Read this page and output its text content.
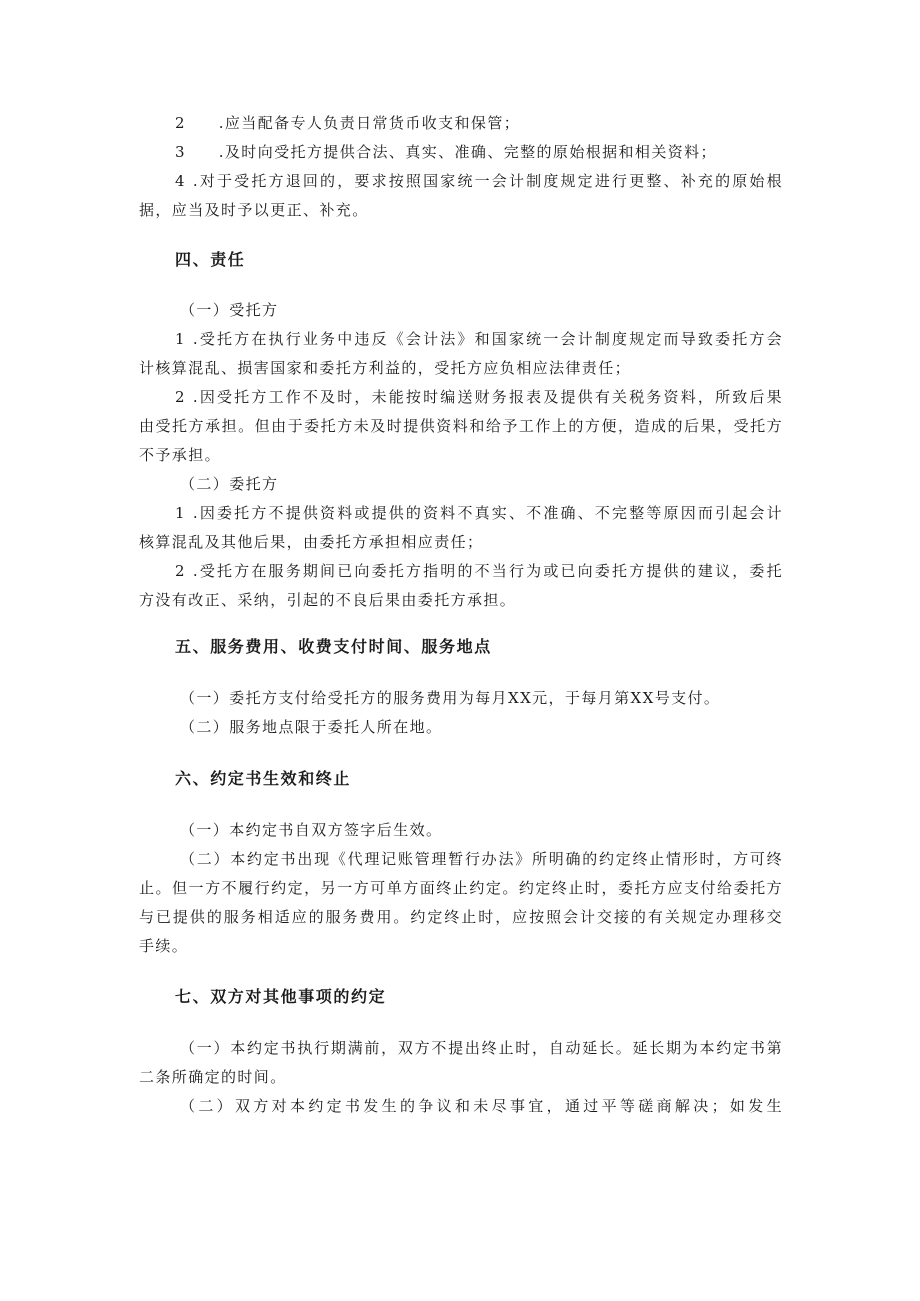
2　　.应当配备专人负责日常货币收支和保管；
3　　.及时向受托方提供合法、真实、准确、完整的原始根据和相关资料；
4 .对于受托方退回的，要求按照国家统一会计制度规定进行更整、补充的原始根
据，应当及时予以更正、补充。
四、责任
（一）受托方
1 .受托方在执行业务中违反《会计法》和国家统一会计制度规定而导致委托方会
计核算混乱、损害国家和委托方利益的，受托方应负相应法律责任；
2 .因受托方工作不及时，未能按时编送财务报表及提供有关税务资料，所致后果
由受托方承担。但由于委托方未及时提供资料和给予工作上的方便，造成的后果，受托方
不予承担。
（二）委托方
1 .因委托方不提供资料或提供的资料不真实、不准确、不完整等原因而引起会计
核算混乱及其他后果，由委托方承担相应责任；
2 .受托方在服务期间已向委托方指明的不当行为或已向委托方提供的建议，委托
方没有改正、采纳，引起的不良后果由委托方承担。
五、服务费用、收费支付时间、服务地点
（一）委托方支付给受托方的服务费用为每月XX元，于每月第XX号支付。
（二）服务地点限于委托人所在地。
六、约定书生效和终止
（一）本约定书自双方签字后生效。
（二）本约定书出现《代理记账管理暂行办法》所明确的约定终止情形时，方可终
止。但一方不履行约定，另一方可单方面终止约定。约定终止时，委托方应支付给委托方
与已提供的服务相适应的服务费用。约定终止时，应按照会计交接的有关规定办理移交
手续。
七、双方对其他事项的约定
（一）本约定书执行期满前，双方不提出终止时，自动延长。延长期为本约定书第
二条所确定的时间。
（二）双方对本约定书发生的争议和未尽事宜，通过平等磋商解决；如发生
